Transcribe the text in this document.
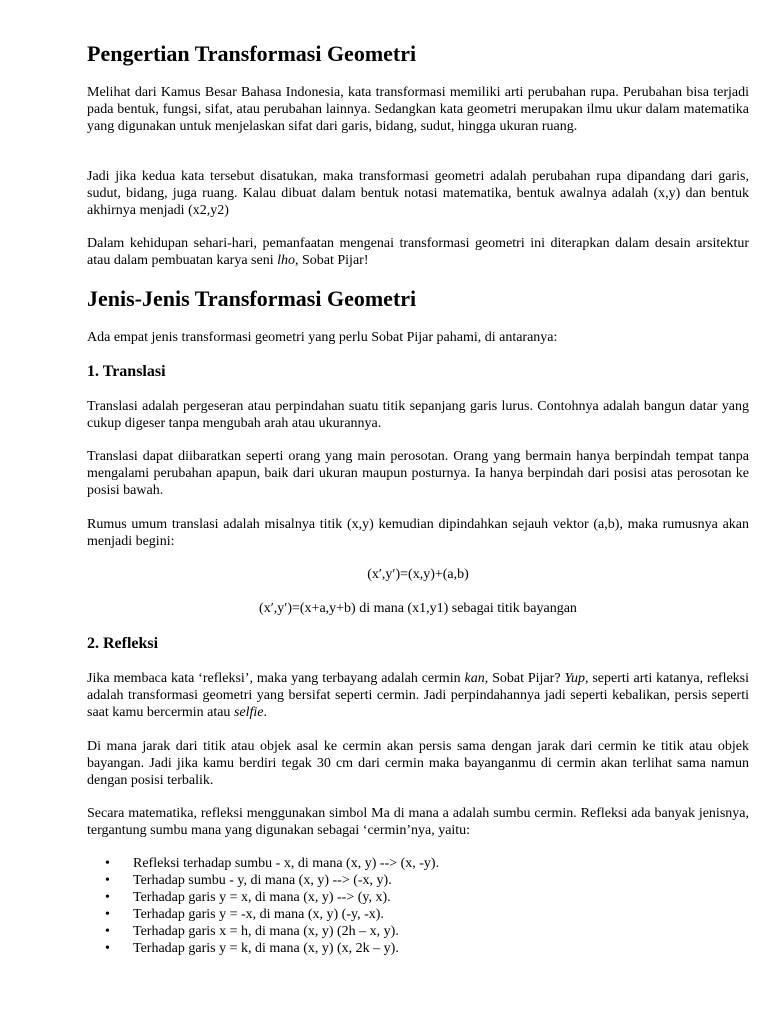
Pengertian Transformasi Geometri

Melihat dari Kamus Besar Bahasa Indonesia, kata transformasi memiliki arti perubahan rupa. Perubahan bisa terjadi pada bentuk, fungsi, sifat, atau perubahan lainnya. Sedangkan kata geometri merupakan ilmu ukur dalam matematika yang digunakan untuk menjelaskan sifat dari garis, bidang, sudut, hingga ukuran ruang.

Jadi jika kedua kata tersebut disatukan, maka transformasi geometri adalah perubahan rupa dipandang dari garis, sudut, bidang, juga ruang. Kalau dibuat dalam bentuk notasi matematika, bentuk awalnya adalah (x,y) dan bentuk akhirnya menjadi (x2,y2)

Dalam kehidupan sehari-hari, pemanfaatan mengenai transformasi geometri ini diterapkan dalam desain arsitektur atau dalam pembuatan karya seni lho, Sobat Pijar!

Jenis-Jenis Transformasi Geometri

Ada empat jenis transformasi geometri yang perlu Sobat Pijar pahami, di antaranya:

1. Translasi

Translasi adalah pergeseran atau perpindahan suatu titik sepanjang garis lurus. Contohnya adalah bangun datar yang cukup digeser tanpa mengubah arah atau ukurannya.

Translasi dapat diibaratkan seperti orang yang main perosotan. Orang yang bermain hanya berpindah tempat tanpa mengalami perubahan apapun, baik dari ukuran maupun posturnya. Ia hanya berpindah dari posisi atas perosotan ke posisi bawah.

Rumus umum translasi adalah misalnya titik (x,y) kemudian dipindahkan sejauh vektor (a,b), maka rumusnya akan menjadi begini:

(x′,y′)=(x,y)+(a,b)

(x′,y′)=(x+a,y+b) di mana (x1,y1) sebagai titik bayangan

2. Refleksi

Jika membaca kata ‘refleksi’, maka yang terbayang adalah cermin kan, Sobat Pijar? Yup, seperti arti katanya, refleksi adalah transformasi geometri yang bersifat seperti cermin. Jadi perpindahannya jadi seperti kebalikan, persis seperti saat kamu bercermin atau selfie.

Di mana jarak dari titik atau objek asal ke cermin akan persis sama dengan jarak dari cermin ke titik atau objek bayangan. Jadi jika kamu berdiri tegak 30 cm dari cermin maka bayanganmu di cermin akan terlihat sama namun dengan posisi terbalik.

Secara matematika, refleksi menggunakan simbol Ma di mana a adalah sumbu cermin. Refleksi ada banyak jenisnya, tergantung sumbu mana yang digunakan sebagai ‘cermin’nya, yaitu:

• Refleksi terhadap sumbu - x, di mana (x, y) --> (x, -y).
• Terhadap sumbu - y, di mana (x, y) --> (-x, y).
• Terhadap garis y = x, di mana (x, y) --> (y, x).
• Terhadap garis y = -x, di mana (x, y) (-y, -x).
• Terhadap garis x = h, di mana (x, y) (2h – x, y).
• Terhadap garis y = k, di mana (x, y) (x, 2k – y).
